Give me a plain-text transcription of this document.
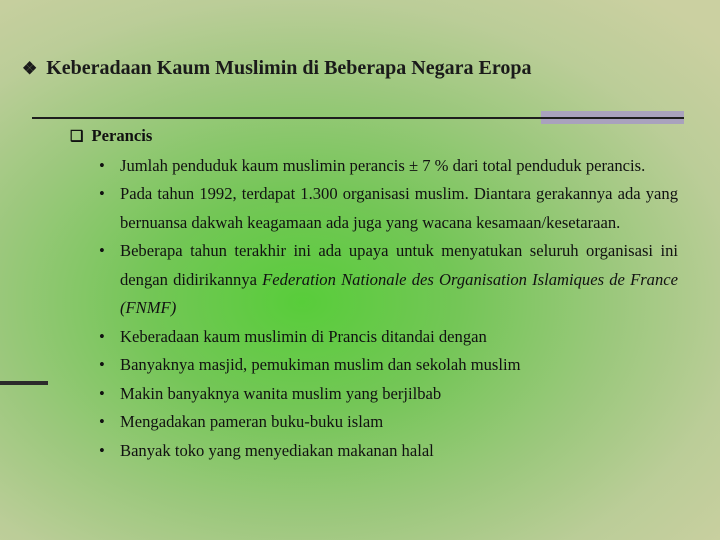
❖ Keberadaan Kaum Muslimin di Beberapa Negara Eropa
❑ Perancis
• Jumlah penduduk kaum muslimin perancis ± 7 % dari total penduduk perancis.
• Pada tahun 1992, terdapat 1.300 organisasi muslim. Diantara gerakannya ada yang bernuansa dakwah keagamaan ada juga yang wacana kesamaan/kesetaraan.
• Beberapa tahun terakhir ini ada upaya untuk menyatukan seluruh organisasi ini dengan didirikannya Federation Nationale des Organisation Islamiques de France (FNMF)
• Keberadaan kaum muslimin di Prancis ditandai dengan
• Banyaknya masjid, pemukiman muslim dan sekolah muslim
• Makin banyaknya wanita muslim yang berjilbab
• Mengadakan pameran buku-buku islam
• Banyak toko yang menyediakan makanan halal
